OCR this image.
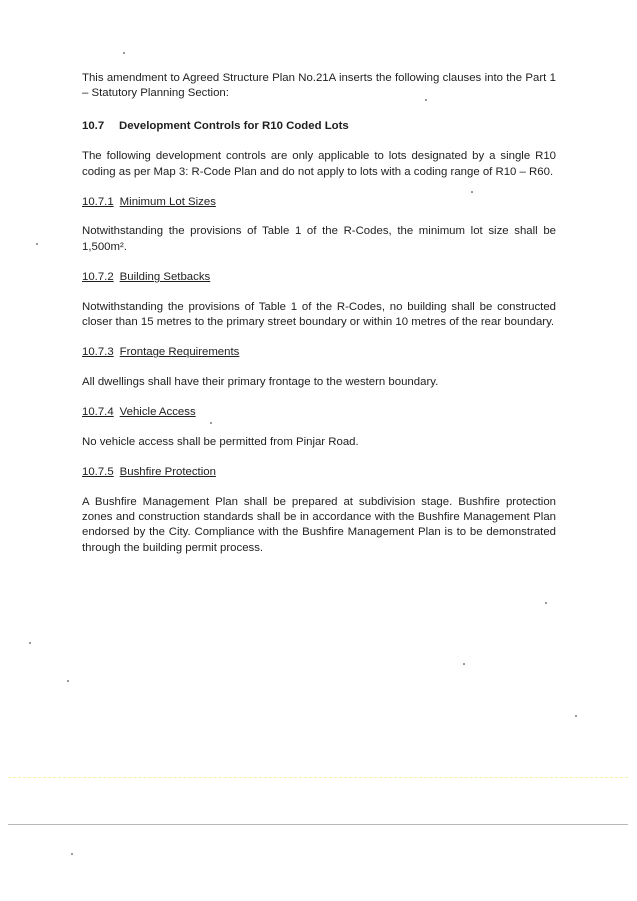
This amendment to Agreed Structure Plan No.21A inserts the following clauses into the Part 1 – Statutory Planning Section:

10.7	Development Controls for R10 Coded Lots

The following development controls are only applicable to lots designated by a single R10 coding as per Map 3: R-Code Plan and do not apply to lots with a coding range of R10 – R60.

10.7.1 Minimum Lot Sizes

Notwithstanding the provisions of Table 1 of the R-Codes, the minimum lot size shall be 1,500m².

10.7.2 Building Setbacks

Notwithstanding the provisions of Table 1 of the R-Codes, no building shall be constructed closer than 15 metres to the primary street boundary or within 10 metres of the rear boundary.

10.7.3 Frontage Requirements

All dwellings shall have their primary frontage to the western boundary.

10.7.4 Vehicle Access

No vehicle access shall be permitted from Pinjar Road.

10.7.5 Bushfire Protection

A Bushfire Management Plan shall be prepared at subdivision stage. Bushfire protection zones and construction standards shall be in accordance with the Bushfire Management Plan endorsed by the City. Compliance with the Bushfire Management Plan is to be demonstrated through the building permit process.
